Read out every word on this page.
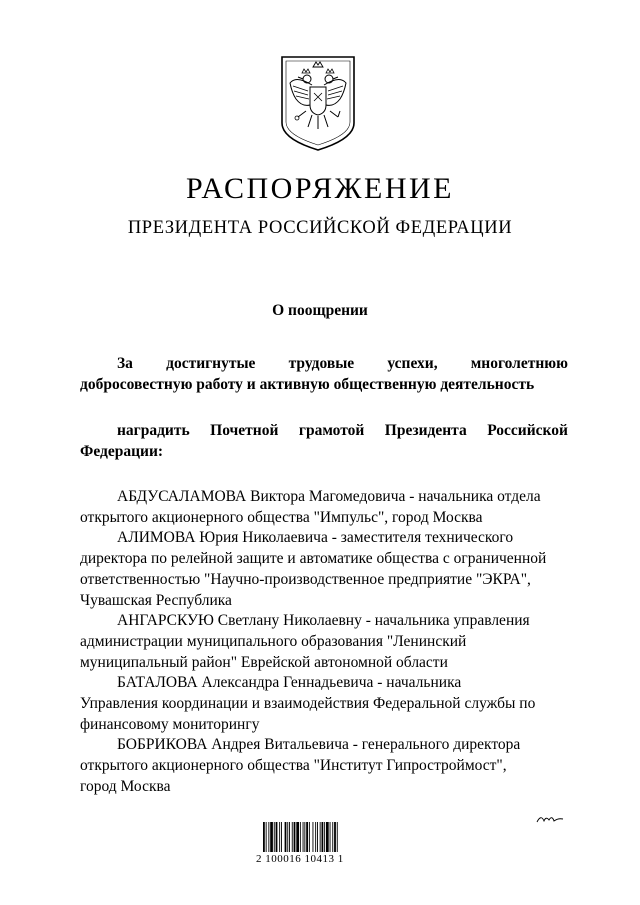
РАСПОРЯЖЕНИЕ
ПРЕЗИДЕНТА РОССИЙСКОЙ ФЕДЕРАЦИИ
О поощрении
За достигнутые трудовые успехи, многолетнюю
добросовестную работу и активную общественную деятельность
наградить Почетной грамотой Президента Российской
Федерации:
АБДУСАЛАМОВА Виктора Магомедовича - начальника отдела
открытого акционерного общества "Импульс", город Москва
АЛИМОВА Юрия Николаевича - заместителя технического
директора по релейной защите и автоматике общества с ограниченной
ответственностью "Научно-производственное предприятие "ЭКРА",
Чувашская Республика
АНГАРСКУЮ Светлану Николаевну - начальника управления
администрации муниципального образования "Ленинский
муниципальный район" Еврейской автономной области
БАТАЛОВА Александра Геннадьевича - начальника
Управления координации и взаимодействия Федеральной службы по
финансовому мониторингу
БОБРИКОВА Андрея Витальевича - генерального директора
открытого акционерного общества "Институт Гипростроймост",
город Москва
2 100016 10413 1
